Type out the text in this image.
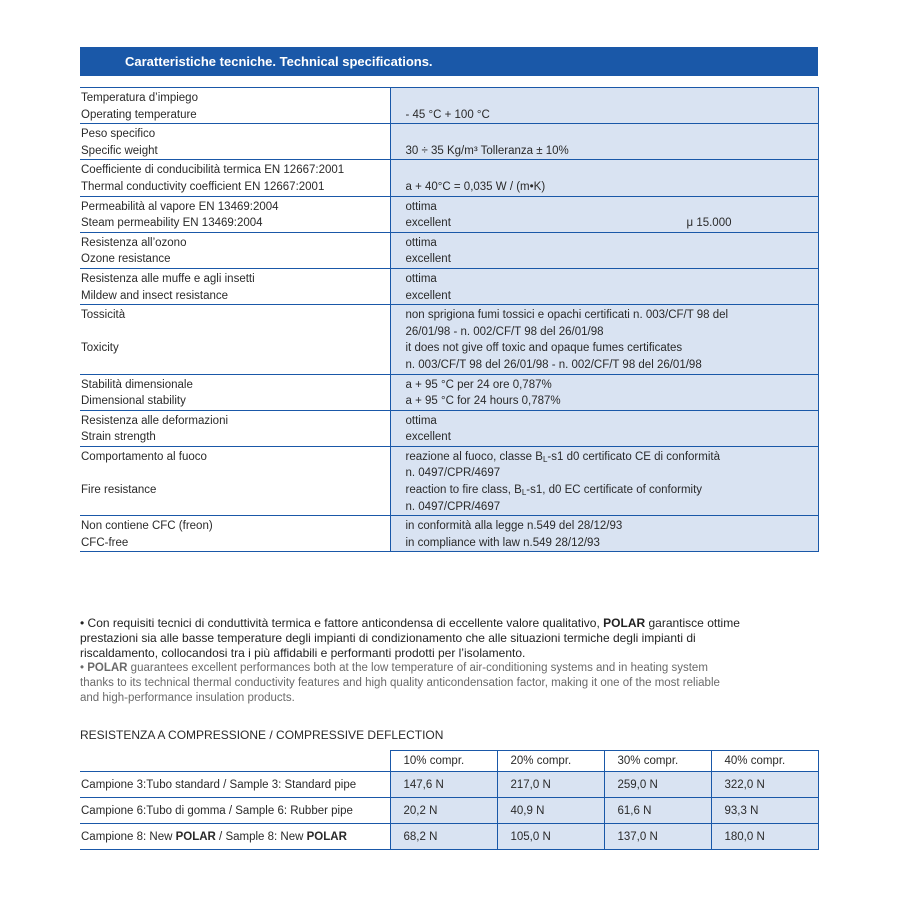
Caratteristiche tecniche. Technical specifications.
Temperatura d’impiego
Operating temperature	- 45 °C + 100 °C

Peso specifico
Specific weight	30 ÷ 35 Kg/m³ Tolleranza ± 10%

Coefficiente di conducibilità termica EN 12667:2001
Thermal conductivity coefficient EN 12667:2001	a + 40°C = 0,035 W / (m•K)

Permeabilità al vapore EN 13469:2004
Steam permeability EN 13469:2004	ottima
excellent μ 15.000

Resistenza all’ozono
Ozone resistance	ottima
excellent

Resistenza alle muffe e agli insetti
Mildew and insect resistance	ottima
excellent

Tossicità
Toxicity	non sprigiona fumi tossici e opachi certificati n. 003/CF/T 98 del
26/01/98 - n. 002/CF/T 98 del 26/01/98
it does not give off toxic and opaque fumes certificates
n. 003/CF/T 98 del 26/01/98 - n. 002/CF/T 98 del 26/01/98

Stabilità dimensionale
Dimensional stability	a + 95 °C per 24 ore 0,787%
a + 95 °C for 24 hours 0,787%

Resistenza alle deformazioni
Strain strength	ottima
excellent

Comportamento al fuoco
Fire resistance	reazione al fuoco, classe $B_L-s1$ d0 certificato CE di conformità
n. 0497/CPR/4697
reaction to fire class, $B_L-s1$, d0 EC certificate of conformity
n. 0497/CPR/4697

Non contiene CFC (freon)
CFC-free	in conformità alla legge n.549 del 28/12/93
in compliance with law n.549 28/12/93
• Con requisiti tecnici di conduttività termica e fattore anticondensa di eccellente valore qualitativo, POLAR garantisce ottime
prestazioni sia alle basse temperature degli impianti di condizionamento che alle situazioni termiche degli impianti di
riscaldamento, collocandosi tra i più affidabili e performanti prodotti per l’isolamento.
• POLAR guarantees excellent performances both at the low temperature of air-conditioning systems and in heating system
thanks to its technical thermal conductivity features and high quality anticondensation factor, making it one of the most reliable
and high-performance insulation products.
RESISTENZA A COMPRESSIONE / COMPRESSIVE DEFLECTION
	10% compr.	20% compr.	30% compr.	40% compr.
Campione 3:Tubo standard / Sample 3: Standard pipe	147,6 N	217,0 N	259,0 N	322,0 N
Campione 6:Tubo di gomma / Sample 6: Rubber pipe	20,2 N	40,9 N	61,6 N	93,3 N
Campione 8: New POLAR / Sample 8: New POLAR	68,2 N	105,0 N	137,0 N	180,0 N
